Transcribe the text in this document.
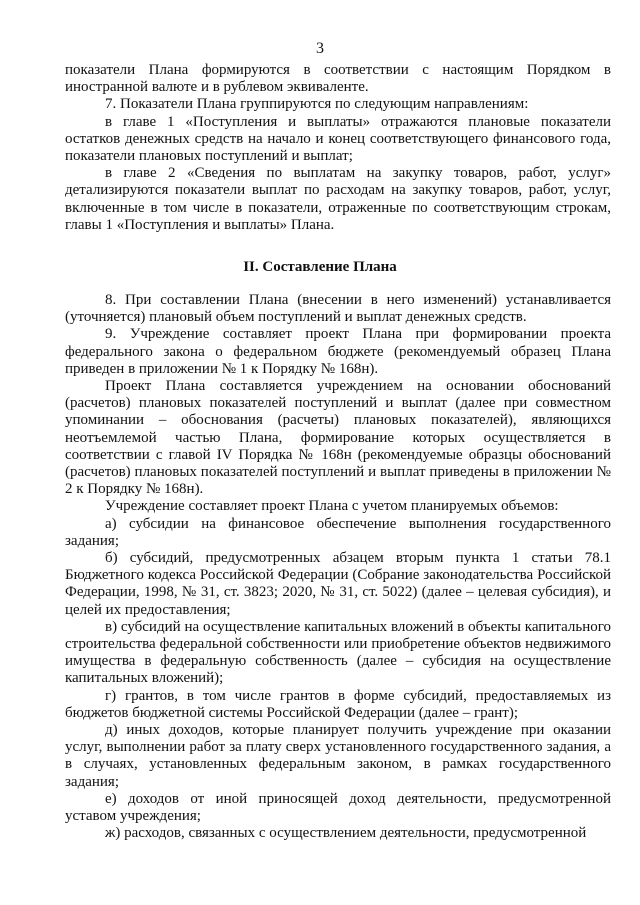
3

показатели Плана формируются в соответствии с настоящим Порядком в иностранной валюте и в рублевом эквиваленте.

7. Показатели Плана группируются по следующим направлениям:

в главе 1 «Поступления и выплаты» отражаются плановые показатели остатков денежных средств на начало и конец соответствующего финансового года, показатели плановых поступлений и выплат;

в главе 2 «Сведения по выплатам на закупку товаров, работ, услуг» детализируются показатели выплат по расходам на закупку товаров, работ, услуг, включенные в том числе в показатели, отраженные по соответствующим строкам, главы 1 «Поступления и выплаты» Плана.

II. Составление Плана

8. При составлении Плана (внесении в него изменений) устанавливается (уточняется) плановый объем поступлений и выплат денежных средств.

9. Учреждение составляет проект Плана при формировании проекта федерального закона о федеральном бюджете (рекомендуемый образец Плана приведен в приложении № 1 к Порядку № 168н).

Проект Плана составляется учреждением на основании обоснований (расчетов) плановых показателей поступлений и выплат (далее при совместном упоминании – обоснования (расчеты) плановых показателей), являющихся неотъемлемой частью Плана, формирование которых осуществляется в соответствии с главой IV Порядка № 168н (рекомендуемые образцы обоснований (расчетов) плановых показателей поступлений и выплат приведены в приложении № 2 к Порядку № 168н).

Учреждение составляет проект Плана с учетом планируемых объемов:

а) субсидии на финансовое обеспечение выполнения государственного задания;

б) субсидий, предусмотренных абзацем вторым пункта 1 статьи 78.1 Бюджетного кодекса Российской Федерации (Собрание законодательства Российской Федерации, 1998, № 31, ст. 3823; 2020, № 31, ст. 5022) (далее – целевая субсидия), и целей их предоставления;

в) субсидий на осуществление капитальных вложений в объекты капитального строительства федеральной собственности или приобретение объектов недвижимого имущества в федеральную собственность (далее – субсидия на осуществление капитальных вложений);

г) грантов, в том числе грантов в форме субсидий, предоставляемых из бюджетов бюджетной системы Российской Федерации (далее – грант);

д) иных доходов, которые планирует получить учреждение при оказании услуг, выполнении работ за плату сверх установленного государственного задания, а в случаях, установленных федеральным законом, в рамках государственного задания;

е) доходов от иной приносящей доход деятельности, предусмотренной уставом учреждения;

ж) расходов, связанных с осуществлением деятельности, предусмотренной
